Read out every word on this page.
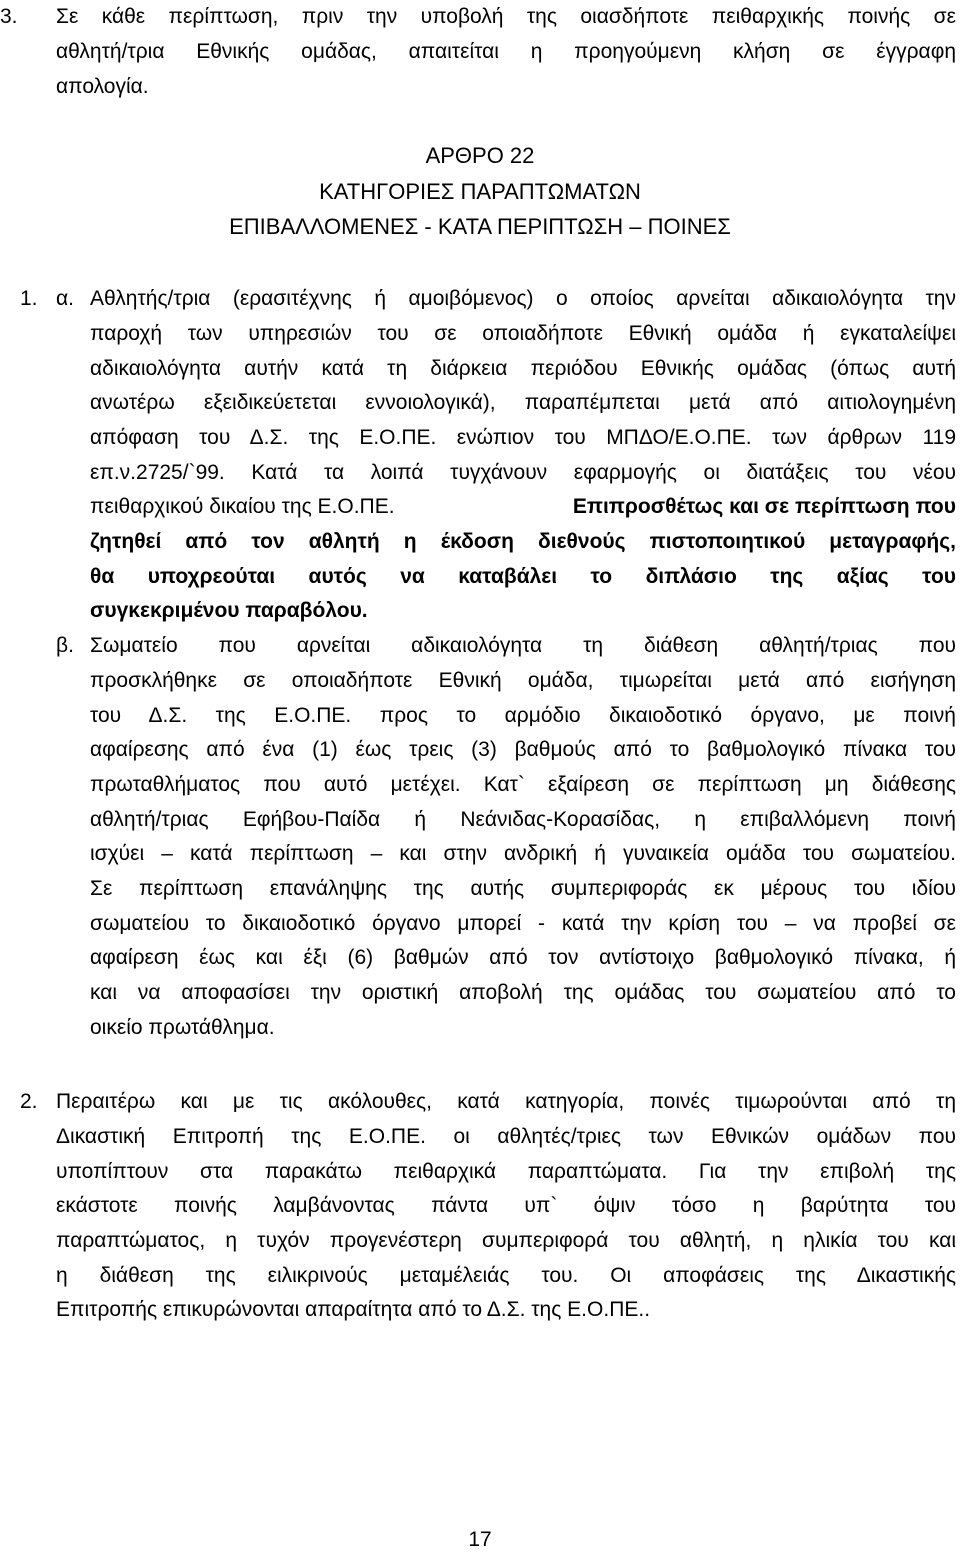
3. Σε κάθε περίπτωση, πριν την υποβολή της οιασδήποτε πειθαρχικής ποινής σε
αθλητή/τρια Εθνικής ομάδας, απαιτείται η προηγούμενη κλήση σε έγγραφη
απολογία.
ΑΡΘΡΟ 22
ΚΑΤΗΓΟΡΙΕΣ ΠΑΡΑΠΤΩΜΑΤΩΝ
ΕΠΙΒΑΛΛΟΜΕΝΕΣ - ΚΑΤΑ ΠΕΡΙΠΤΩΣΗ – ΠΟΙΝΕΣ
1. α. Αθλητής/τρια (ερασιτέχνης ή αμοιβόμενος) ο οποίος αρνείται αδικαιολόγητα την
παροχή των υπηρεσιών του σε οποιαδήποτε Εθνική ομάδα ή εγκαταλείψει
αδικαιολόγητα αυτήν κατά τη διάρκεια περιόδου Εθνικής ομάδας (όπως αυτή
ανωτέρω εξειδικεύετεται εννοιολογικά), παραπέμπεται μετά από αιτιολογημένη
απόφαση του Δ.Σ. της Ε.Ο.ΠΕ. ενώπιον του ΜΠΔΟ/Ε.Ο.ΠΕ. των άρθρων 119
επ.ν.2725/`99. Κατά τα λοιπά τυγχάνουν εφαρμογής οι διατάξεις του νέου
πειθαρχικού δικαίου της Ε.Ο.ΠΕ.	Επιπροσθέτως και σε περίπτωση που
ζητηθεί από τον αθλητή η έκδοση διεθνούς πιστοποιητικού μεταγραφής,
θα υποχρεούται αυτός να καταβάλει το διπλάσιο της αξίας του
συγκεκριμένου παραβόλου.
β. Σωματείο που αρνείται αδικαιολόγητα τη διάθεση αθλητή/τριας που
προσκλήθηκε σε οποιαδήποτε Εθνική ομάδα, τιμωρείται μετά από εισήγηση
του Δ.Σ. της Ε.Ο.ΠΕ. προς το αρμόδιο δικαιοδοτικό όργανο, με ποινή
αφαίρεσης από ένα (1) έως τρεις (3) βαθμούς από το βαθμολογικό πίνακα του
πρωταθλήματος που αυτό μετέχει. Κατ` εξαίρεση σε περίπτωση μη διάθεσης
αθλητή/τριας Εφήβου-Παίδα ή Νεάνιδας-Κορασίδας, η επιβαλλόμενη ποινή
ισχύει – κατά περίπτωση – και στην ανδρική ή γυναικεία ομάδα του σωματείου.
Σε περίπτωση επανάληψης της αυτής συμπεριφοράς εκ μέρους του ιδίου
σωματείου το δικαιοδοτικό όργανο μπορεί - κατά την κρίση του – να προβεί σε
αφαίρεση έως και έξι (6) βαθμών από τον αντίστοιχο βαθμολογικό πίνακα, ή
και να αποφασίσει την οριστική αποβολή της ομάδας του σωματείου από το
οικείο πρωτάθλημα.
2. Περαιτέρω και με τις ακόλουθες, κατά κατηγορία, ποινές τιμωρούνται από τη
Δικαστική Επιτροπή της Ε.Ο.ΠΕ. οι αθλητές/τριες των Εθνικών ομάδων που
υποπίπτουν στα παρακάτω πειθαρχικά παραπτώματα. Για την επιβολή της
εκάστοτε ποινής λαμβάνοντας πάντα υπ` όψιν τόσο η βαρύτητα του
παραπτώματος, η τυχόν προγενέστερη συμπεριφορά του αθλητή, η ηλικία του και
η διάθεση της ειλικρινούς μεταμέλειάς του. Οι αποφάσεις της Δικαστικής
Επιτροπής επικυρώνονται απαραίτητα από το Δ.Σ. της Ε.Ο.ΠΕ..
17
